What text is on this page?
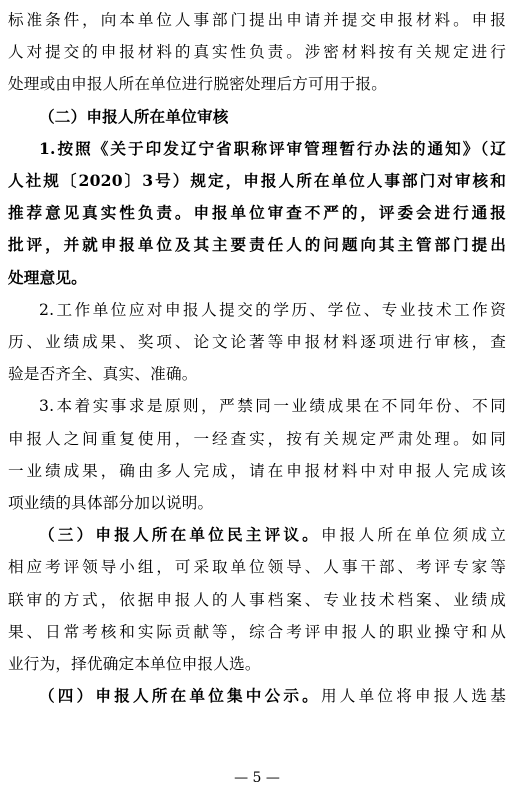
标准条件，向本单位人事部门提出申请并提交申报材料。申报
人对提交的申报材料的真实性负责。涉密材料按有关规定进行
处理或由申报人所在单位进行脱密处理后方可用于报。

（二）申报人所在单位审核

1.按照《关于印发辽宁省职称评审管理暂行办法的通知》（辽
人社规〔2020〕3号）规定，申报人所在单位人事部门对审核和
推荐意见真实性负责。申报单位审查不严的，评委会进行通报
批评，并就申报单位及其主要责任人的问题向其主管部门提出
处理意见。

2.工作单位应对申报人提交的学历、学位、专业技术工作资
历、业绩成果、奖项、论文论著等申报材料逐项进行审核，查
验是否齐全、真实、准确。

3.本着实事求是原则，严禁同一业绩成果在不同年份、不同
申报人之间重复使用，一经查实，按有关规定严肃处理。如同
一业绩成果，确由多人完成，请在申报材料中对申报人完成该
项业绩的具体部分加以说明。

（三）申报人所在单位民主评议。申报人所在单位须成立
相应考评领导小组，可采取单位领导、人事干部、考评专家等
联审的方式，依据申报人的人事档案、专业技术档案、业绩成
果、日常考核和实际贡献等，综合考评申报人的职业操守和从
业行为，择优确定本单位申报人选。

（四）申报人所在单位集中公示。用人单位将申报人选基

— 5 —
